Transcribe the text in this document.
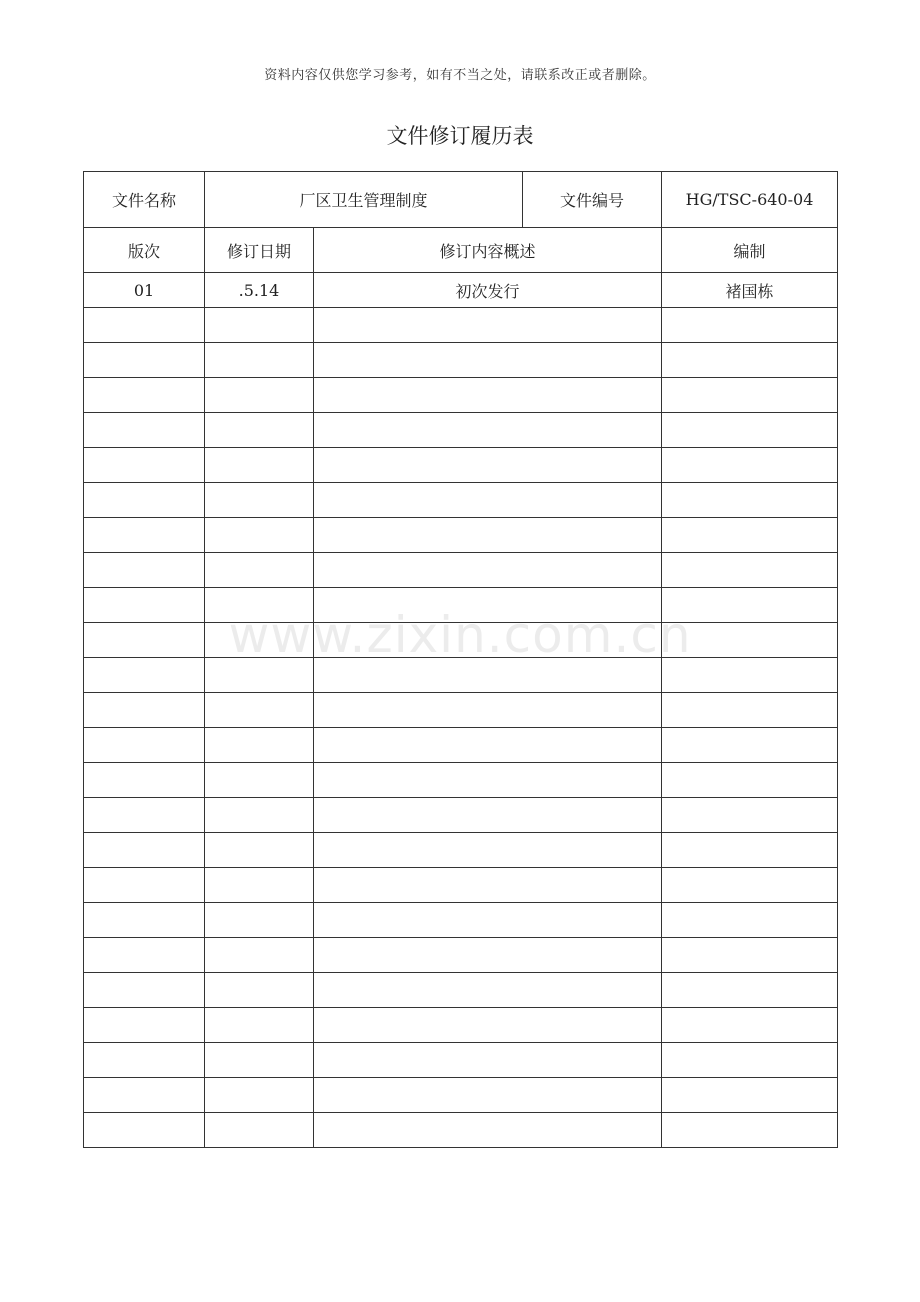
资料内容仅供您学习参考，如有不当之处，请联系改正或者删除。
文件修订履历表
文件名称	厂区卫生管理制度		文件编号	HG/TSC-640-04
版次	修订日期	修订内容概述		编制
01	.5.14	初次发行		褚国栋

www.zixin.com.cn
